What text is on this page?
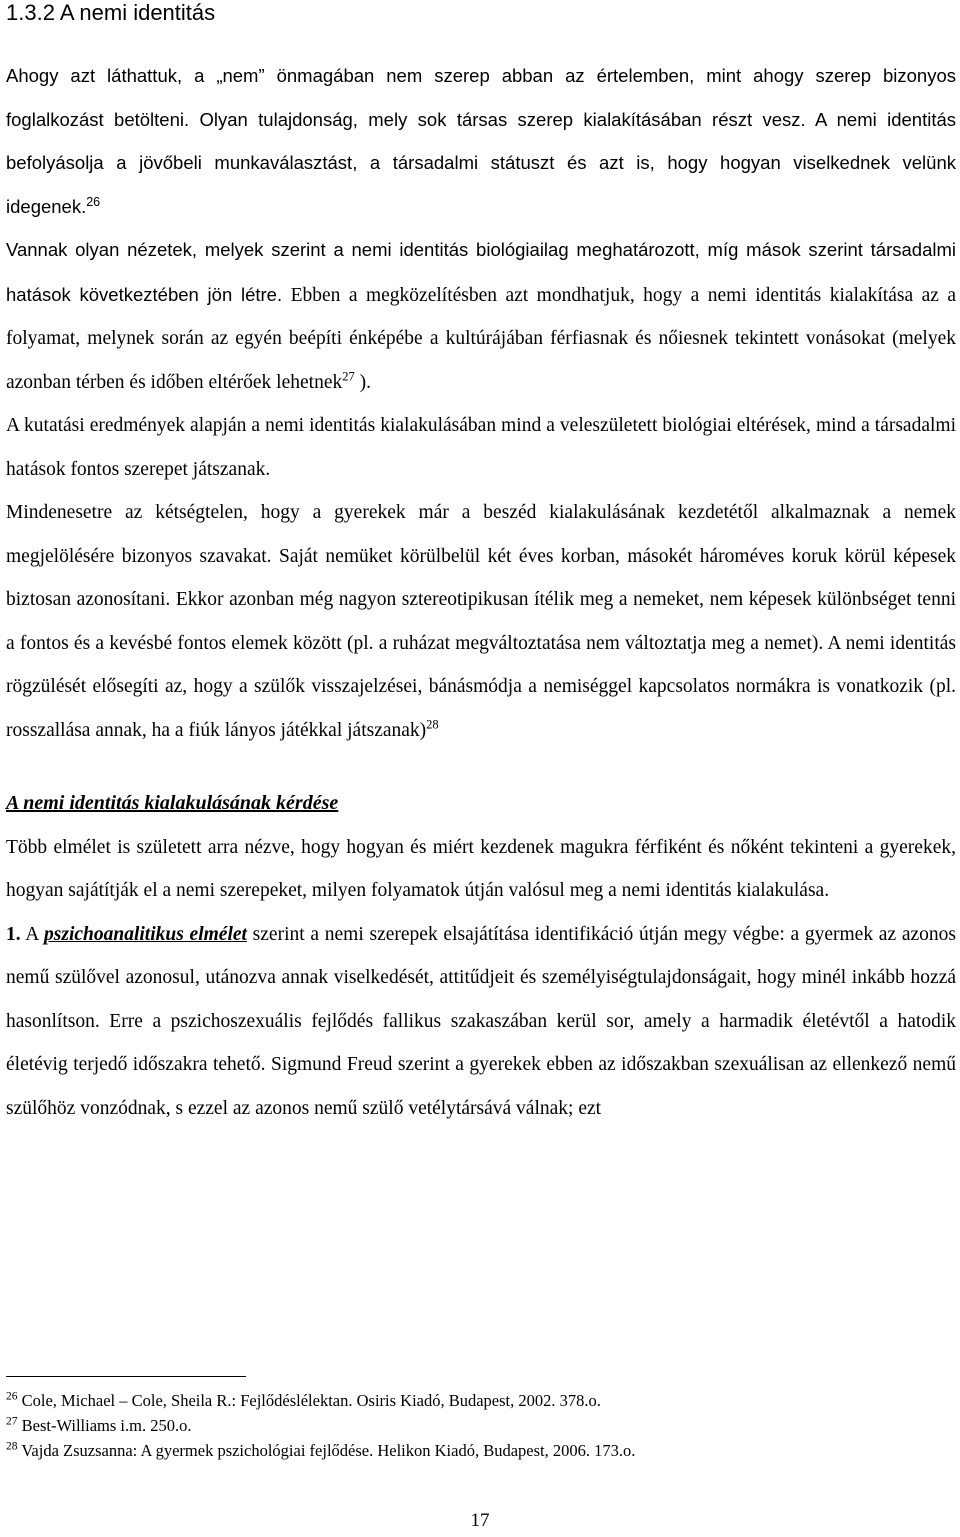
1.3.2 A nemi identitás

Ahogy azt láthattuk, a „nem” önmagában nem szerep abban az értelemben, mint ahogy szerep bizonyos foglalkozást betölteni. Olyan tulajdonság, mely sok társas szerep kialakításában részt vesz. A nemi identitás befolyásolja a jövőbeli munkaválasztást, a társadalmi státuszt és azt is, hogy hogyan viselkednek velünk idegenek.$^{26}$

Vannak olyan nézetek, melyek szerint a nemi identitás biológiailag meghatározott, míg mások szerint társadalmi hatások következtében jön létre. Ebben a megközelítésben azt mondhatjuk, hogy a nemi identitás kialakítása az a folyamat, melynek során az egyén beépíti énképébe a kultúrájában férfiasnak és nőiesnek tekintett vonásokat (melyek azonban térben és időben eltérőek lehetnek$^{27}$ ).

A kutatási eredmények alapján a nemi identitás kialakulásában mind a veleszületett biológiai eltérések, mind a társadalmi hatások fontos szerepet játszanak.

Mindenesetre az kétségtelen, hogy a gyerekek már a beszéd kialakulásának kezdetétől alkalmaznak a nemek megjelölésére bizonyos szavakat. Saját nemüket körülbelül két éves korban, másokét hároméves koruk körül képesek biztosan azonosítani. Ekkor azonban még nagyon sztereotipikusan ítélik meg a nemeket, nem képesek különbséget tenni a fontos és a kevésbé fontos elemek között (pl. a ruházat megváltoztatása nem változtatja meg a nemet). A nemi identitás rögzülését elősegíti az, hogy a szülők visszajelzései, bánásmódja a nemiséggel kapcsolatos normákra is vonatkozik (pl. rosszallása annak, ha a fiúk lányos játékkal játszanak)$^{28}$

A nemi identitás kialakulásának kérdése

Több elmélet is született arra nézve, hogy hogyan és miért kezdenek magukra férfiként és nőként tekinteni a gyerekek, hogyan sajátítják el a nemi szerepeket, milyen folyamatok útján valósul meg a nemi identitás kialakulása.

1. A pszichoanalitikus elmélet szerint a nemi szerepek elsajátítása identifikáció útján megy végbe: a gyermek az azonos nemű szülővel azonosul, utánozva annak viselkedését, attitűdjeit és személyiségtulajdonságait, hogy minél inkább hozzá hasonlítson. Erre a pszichoszexuális fejlődés fallikus szakaszában kerül sor, amely a harmadik életévtől a hatodik életévig terjedő időszakra tehető. Sigmund Freud szerint a gyerekek ebben az időszakban szexuálisan az ellenkező nemű szülőhöz vonzódnak, s ezzel az azonos nemű szülő vetélytársává válnak; ezt

$^{26}$ Cole, Michael – Cole, Sheila R.: Fejlődéslélektan. Osiris Kiadó, Budapest, 2002. 378.o.
$^{27}$ Best-Williams i.m. 250.o.
$^{28}$ Vajda Zsuzsanna: A gyermek pszichológiai fejlődése. Helikon Kiadó, Budapest, 2006. 173.o.
17
